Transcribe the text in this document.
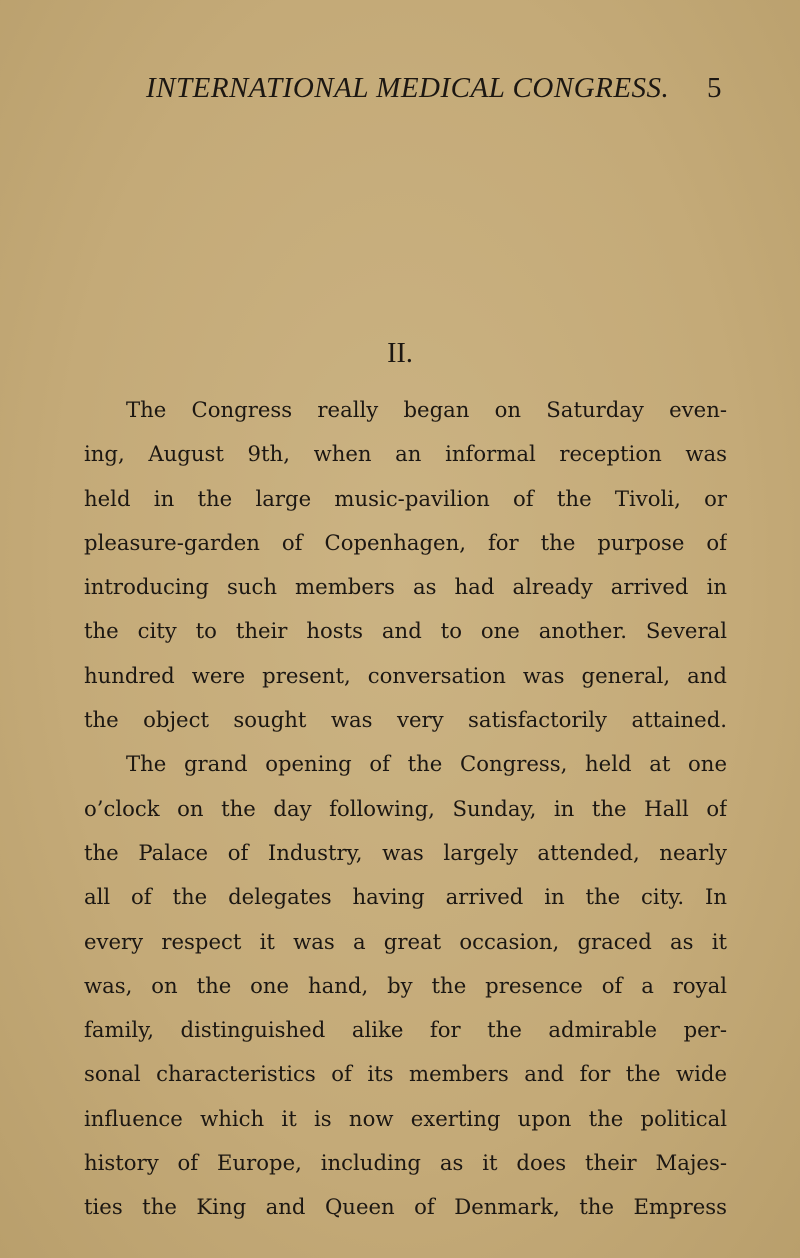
INTERNATIONAL MEDICAL CONGRESS. 5
II.
The Congress really began on Saturday even-
ing, August 9th, when an informal reception was
held in the large music-pavilion of the Tivoli, or
pleasure-garden of Copenhagen, for the purpose of
introducing such members as had already arrived in
the city to their hosts and to one another. Several
hundred were present, conversation was general, and
the object sought was very satisfactorily attained.
The grand opening of the Congress, held at one
o’clock on the day following, Sunday, in the Hall of
the Palace of Industry, was largely attended, nearly
all of the delegates having arrived in the city. In
every respect it was a great occasion, graced as it
was, on the one hand, by the presence of a royal
family, distinguished alike for the admirable per-
sonal characteristics of its members and for the wide
influence which it is now exerting upon the political
history of Europe, including as it does their Majes-
ties the King and Queen of Denmark, the Empress
